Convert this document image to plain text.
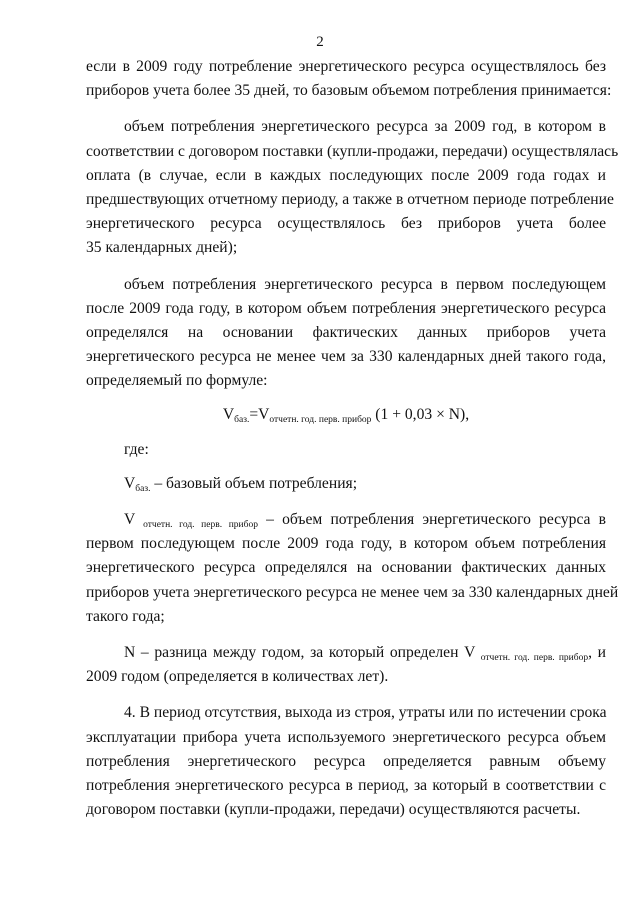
2
если в 2009 году потребление энергетического ресурса осуществлялось без
приборов учета более 35 дней, то базовым объемом потребления принимается:
объем потребления энергетического ресурса за 2009 год, в котором в
соответствии с договором поставки (купли-продажи, передачи) осуществлялась
оплата (в случае, если в каждых последующих после 2009 года годах и
предшествующих отчетному периоду, а также в отчетном периоде потребление
энергетического ресурса осуществлялось без приборов учета более
35 календарных дней);
объем потребления энергетического ресурса в первом последующем
после 2009 года году, в котором объем потребления энергетического ресурса
определялся на основании фактических данных приборов учета
энергетического ресурса не менее чем за 330 календарных дней такого года,
определяемый по формуле:
Vбаз.=Vотчетн. год. перв. прибор (1 + 0,03 × N),
где:
Vбаз. – базовый объем потребления;
V отчетн. год. перв. прибор – объем потребления энергетического ресурса в
первом последующем после 2009 года году, в котором объем потребления
энергетического ресурса определялся на основании фактических данных
приборов учета энергетического ресурса не менее чем за 330 календарных дней
такого года;
N – разница между годом, за который определен V отчетн. год. перв. прибор, и
2009 годом (определяется в количествах лет).
4. В период отсутствия, выхода из строя, утраты или по истечении срока
эксплуатации прибора учета используемого энергетического ресурса объем
потребления энергетического ресурса определяется равным объему
потребления энергетического ресурса в период, за который в соответствии с
договором поставки (купли-продажи, передачи) осуществляются расчеты.
